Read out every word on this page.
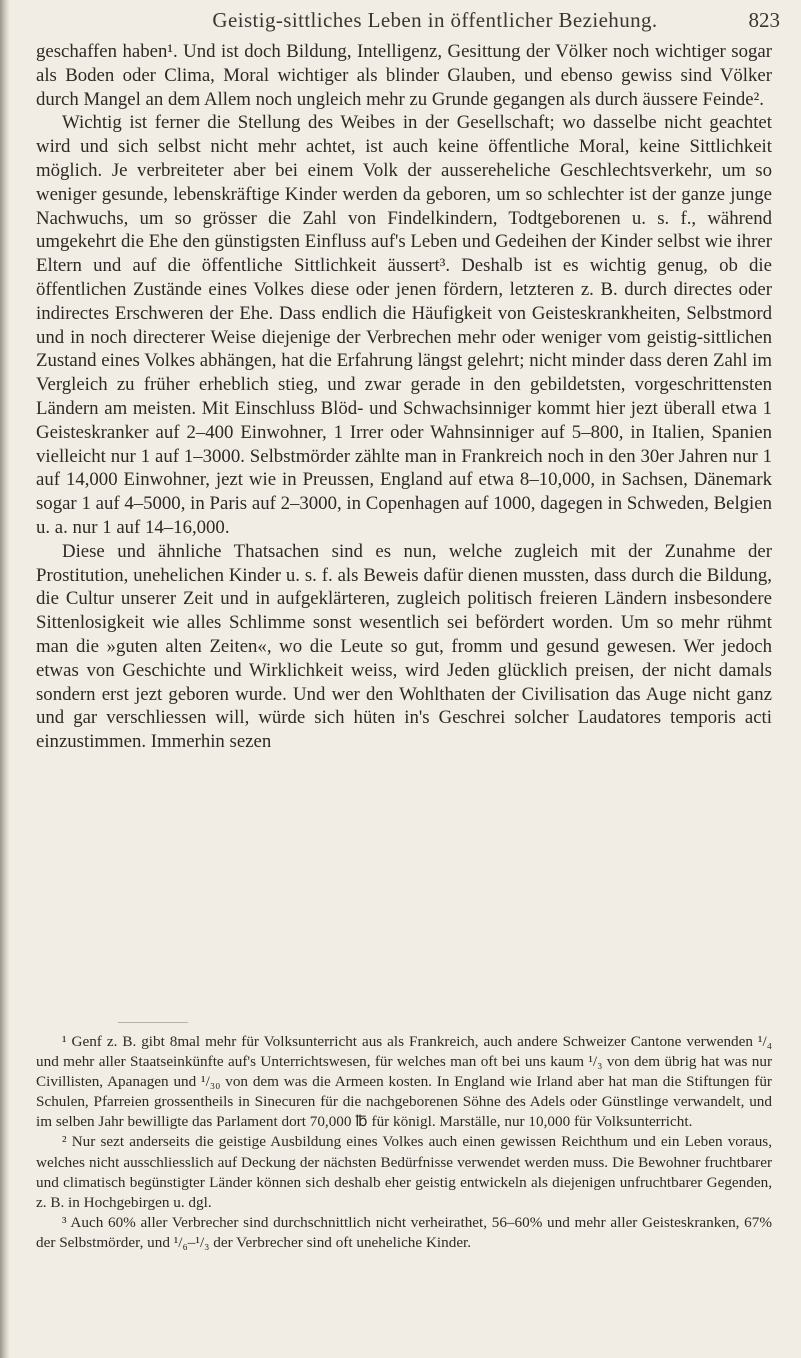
Geistig-sittliches Leben in öffentlicher Beziehung.	823

geschaffen haben¹. Und ist doch Bildung, Intelligenz, Gesittung der Völker noch wichtiger sogar als Boden oder Clima, Moral wichtiger als blinder Glauben, und ebenso gewiss sind Völker durch Mangel an dem Allem noch ungleich mehr zu Grunde gegangen als durch äussere Feinde².

Wichtig ist ferner die Stellung des Weibes in der Gesellschaft; wo dasselbe nicht geachtet wird und sich selbst nicht mehr achtet, ist auch keine öffentliche Moral, keine Sittlichkeit möglich. Je verbreiteter aber bei einem Volk der aussereheliche Geschlechtsverkehr, um so weniger gesunde, lebenskräftige Kinder werden da geboren, um so schlechter ist der ganze junge Nachwuchs, um so grösser die Zahl von Findelkindern, Todtgeborenen u. s. f., während umgekehrt die Ehe den günstigsten Einfluss auf's Leben und Gedeihen der Kinder selbst wie ihrer Eltern und auf die öffentliche Sittlichkeit äussert³. Deshalb ist es wichtig genug, ob die öffentlichen Zustände eines Volkes diese oder jenen fördern, letzteren z. B. durch directes oder indirectes Erschweren der Ehe. Dass endlich die Häufigkeit von Geisteskrankheiten, Selbstmord und in noch directerer Weise diejenige der Verbrechen mehr oder weniger vom geistig-sittlichen Zustand eines Volkes abhängen, hat die Erfahrung längst gelehrt; nicht minder dass deren Zahl im Vergleich zu früher erheblich stieg, und zwar gerade in den gebildetsten, vorgeschrittensten Ländern am meisten. Mit Einschluss Blöd- und Schwachsinniger kommt hier jezt überall etwa 1 Geisteskranker auf 2–400 Einwohner, 1 Irrer oder Wahnsinniger auf 5–800, in Italien, Spanien vielleicht nur 1 auf 1–3000. Selbstmörder zählte man in Frankreich noch in den 30er Jahren nur 1 auf 14,000 Einwohner, jezt wie in Preussen, England auf etwa 8–10,000, in Sachsen, Dänemark sogar 1 auf 4–5000, in Paris auf 2–3000, in Copenhagen auf 1000, dagegen in Schweden, Belgien u. a. nur 1 auf 14–16,000.

Diese und ähnliche Thatsachen sind es nun, welche zugleich mit der Zunahme der Prostitution, unehelichen Kinder u. s. f. als Beweis dafür dienen mussten, dass durch die Bildung, die Cultur unserer Zeit und in aufgeklärteren, zugleich politisch freieren Ländern insbesondere Sittenlosigkeit wie alles Schlimme sonst wesentlich sei befördert worden. Um so mehr rühmt man die »guten alten Zeiten«, wo die Leute so gut, fromm und gesund gewesen. Wer jedoch etwas von Geschichte und Wirklichkeit weiss, wird Jeden glücklich preisen, der nicht damals sondern erst jezt geboren wurde. Und wer den Wohlthaten der Civilisation das Auge nicht ganz und gar verschliessen will, würde sich hüten in's Geschrei solcher Laudatores temporis acti einzustimmen. Immerhin sezen

¹ Genf z. B. gibt 8mal mehr für Volksunterricht aus als Frankreich, auch andere Schweizer Cantone verwenden ¹/₄ und mehr aller Staatseinkünfte auf's Unterrichtswesen, für welches man oft bei uns kaum ¹/₃ von dem übrig hat was nur Civillisten, Apanagen und ¹/₃₀ von dem was die Armeen kosten. In England wie Irland aber hat man die Stiftungen für Schulen, Pfarreien grossentheils in Sinecuren für die nachgeborenen Söhne des Adels oder Günstlinge verwandelt, und im selben Jahr bewilligte das Parlament dort 70,000 ℔ für königl. Marställe, nur 10,000 für Volksunterricht.

² Nur sezt anderseits die geistige Ausbildung eines Volkes auch einen gewissen Reichthum und ein Leben voraus, welches nicht ausschliesslich auf Deckung der nächsten Bedürfnisse verwendet werden muss. Die Bewohner fruchtbarer und climatisch begünstigter Länder können sich deshalb eher geistig entwickeln als diejenigen unfruchtbarer Gegenden, z. B. in Hochgebirgen u. dgl.

³ Auch 60% aller Verbrecher sind durchschnittlich nicht verheirathet, 56–60% und mehr aller Geisteskranken, 67% der Selbstmörder, und ¹/₆–¹/₃ der Verbrecher sind oft uneheliche Kinder.
